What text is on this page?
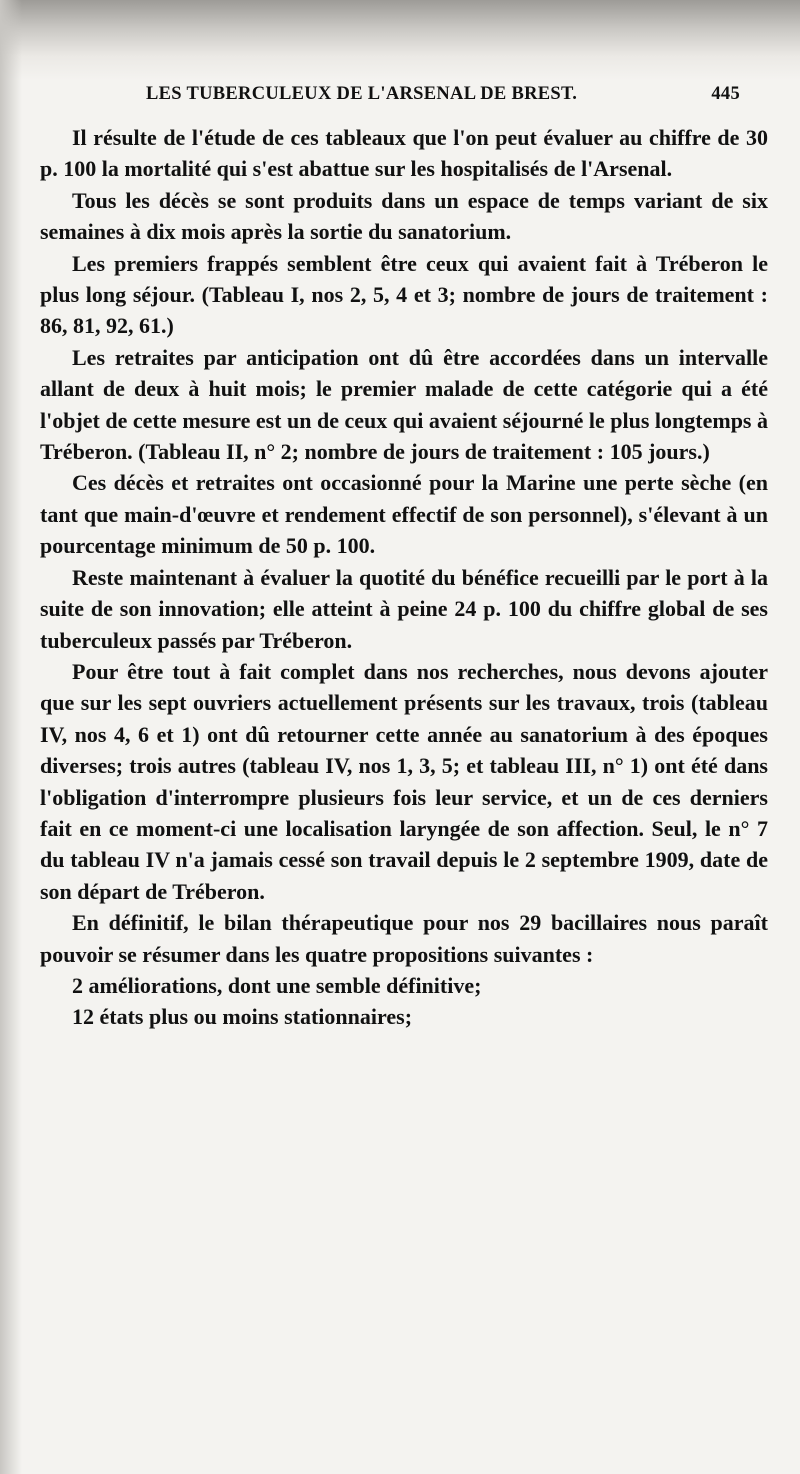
LES TUBERCULEUX DE L'ARSENAL DE BREST.	445

Il résulte de l'étude de ces tableaux que l'on peut évaluer au chiffre de 30 p. 100 la mortalité qui s'est abattue sur les hospitalisés de l'Arsenal.

Tous les décès se sont produits dans un espace de temps variant de six semaines à dix mois après la sortie du sanatorium.

Les premiers frappés semblent être ceux qui avaient fait à Tréberon le plus long séjour. (Tableau I, nos 2, 5, 4 et 3; nombre de jours de traitement : 86, 81, 92, 61.)

Les retraites par anticipation ont dû être accordées dans un intervalle allant de deux à huit mois; le premier malade de cette catégorie qui a été l'objet de cette mesure est un de ceux qui avaient séjourné le plus longtemps à Tréberon. (Tableau II, n° 2; nombre de jours de traitement : 105 jours.)

Ces décès et retraites ont occasionné pour la Marine une perte sèche (en tant que main-d'œuvre et rendement effectif de son personnel), s'élevant à un pourcentage minimum de 50 p. 100.

Reste maintenant à évaluer la quotité du bénéfice recueilli par le port à la suite de son innovation; elle atteint à peine 24 p. 100 du chiffre global de ses tuberculeux passés par Tréberon.

Pour être tout à fait complet dans nos recherches, nous devons ajouter que sur les sept ouvriers actuellement présents sur les travaux, trois (tableau IV, nos 4, 6 et 1) ont dû retourner cette année au sanatorium à des époques diverses; trois autres (tableau IV, nos 1, 3, 5; et tableau III, n° 1) ont été dans l'obligation d'interrompre plusieurs fois leur service, et un de ces derniers fait en ce moment-ci une localisation laryngée de son affection. Seul, le n° 7 du tableau IV n'a jamais cessé son travail depuis le 2 septembre 1909, date de son départ de Tréberon.

En définitif, le bilan thérapeutique pour nos 29 bacillaires nous paraît pouvoir se résumer dans les quatre propositions suivantes :

2 améliorations, dont une semble définitive;

12 états plus ou moins stationnaires;
